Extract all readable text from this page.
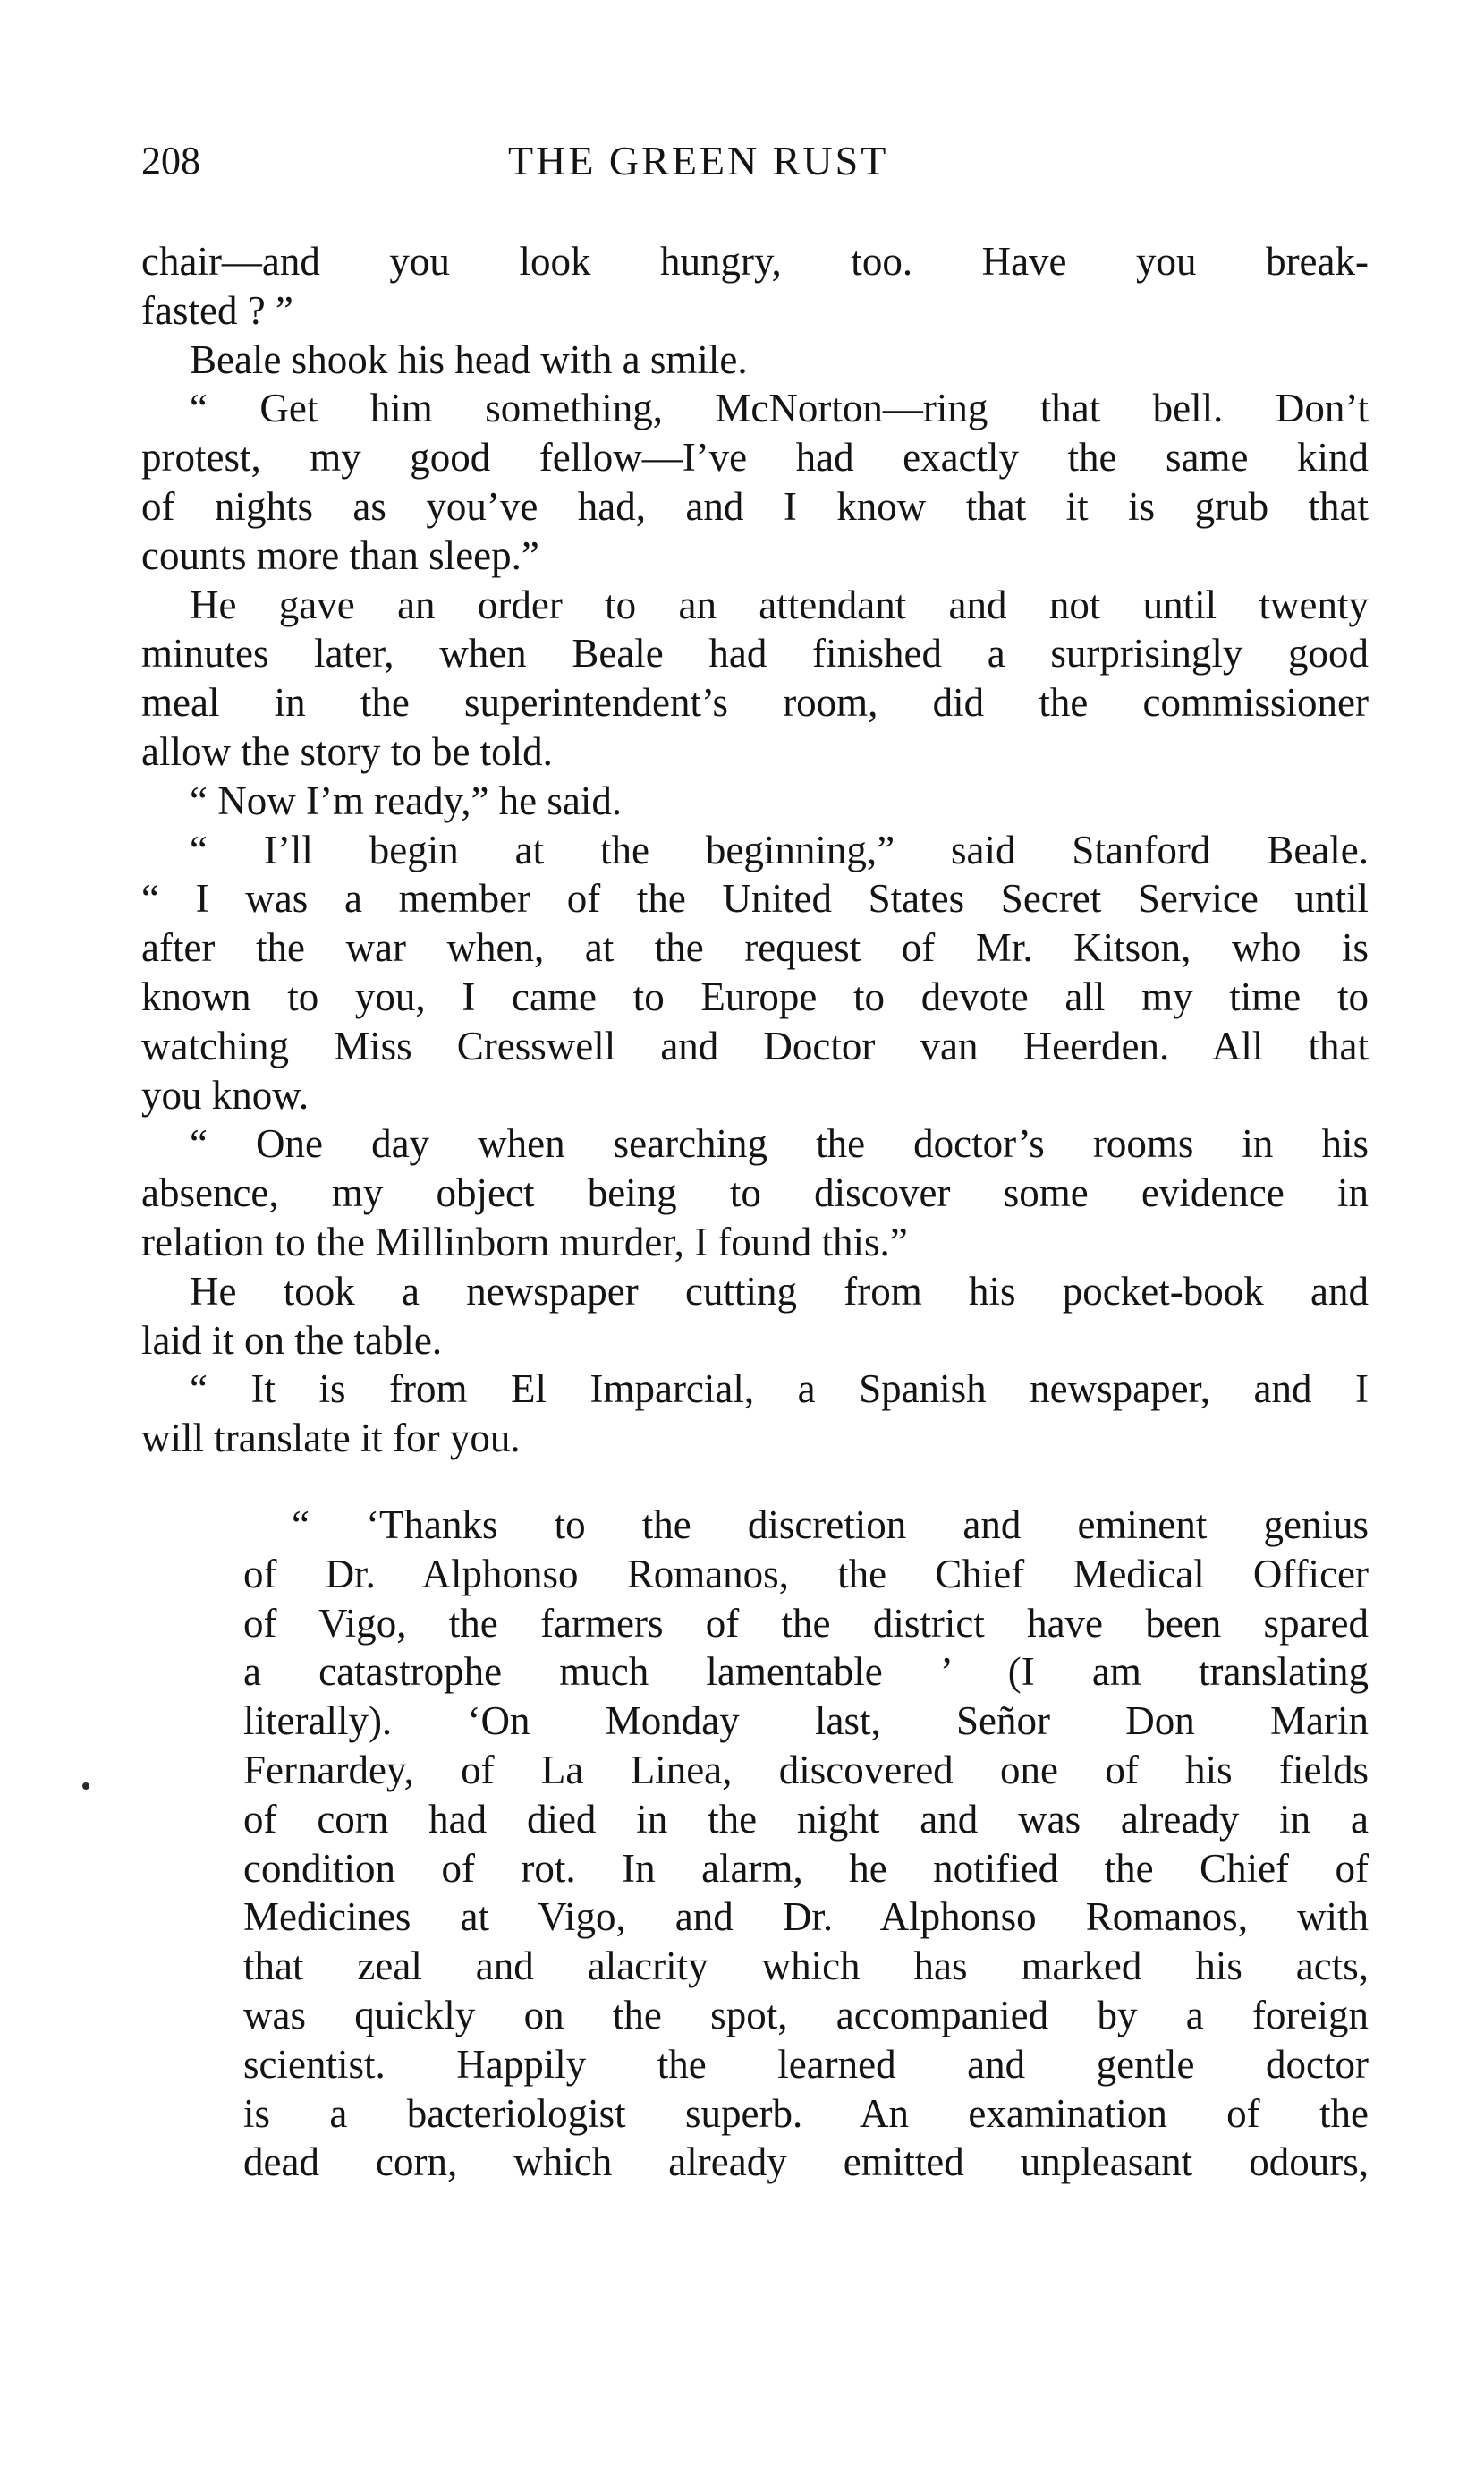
208	THE GREEN RUST
chair—and you look hungry, too. Have you break-
fasted ? ”
Beale shook his head with a smile.
“ Get him something, McNorton—ring that bell. Don’t
protest, my good fellow—I’ve had exactly the same kind
of nights as you’ve had, and I know that it is grub that
counts more than sleep.”
He gave an order to an attendant and not until twenty
minutes later, when Beale had finished a surprisingly good
meal in the superintendent’s room, did the commissioner
allow the story to be told.
“ Now I’m ready,” he said.
“ I’ll begin at the beginning,” said Stanford Beale.
“ I was a member of the United States Secret Service until
after the war when, at the request of Mr. Kitson, who is
known to you, I came to Europe to devote all my time to
watching Miss Cresswell and Doctor van Heerden. All that
you know.
“ One day when searching the doctor’s rooms in his
absence, my object being to discover some evidence in
relation to the Millinborn murder, I found this.”
He took a newspaper cutting from his pocket-book and
laid it on the table.
“ It is from El Imparcial, a Spanish newspaper, and I
will translate it for you.
“ ‘Thanks to the discretion and eminent genius
of Dr. Alphonso Romanos, the Chief Medical Officer
of Vigo, the farmers of the district have been spared
a catastrophe much lamentable ’ (I am translating
literally). ‘On Monday last, Señor Don Marin
Fernardey, of La Linea, discovered one of his fields
of corn had died in the night and was already in a
condition of rot. In alarm, he notified the Chief of
Medicines at Vigo, and Dr. Alphonso Romanos, with
that zeal and alacrity which has marked his acts,
was quickly on the spot, accompanied by a foreign
scientist. Happily the learned and gentle doctor
is a bacteriologist superb. An examination of the
dead corn, which already emitted unpleasant odours,
